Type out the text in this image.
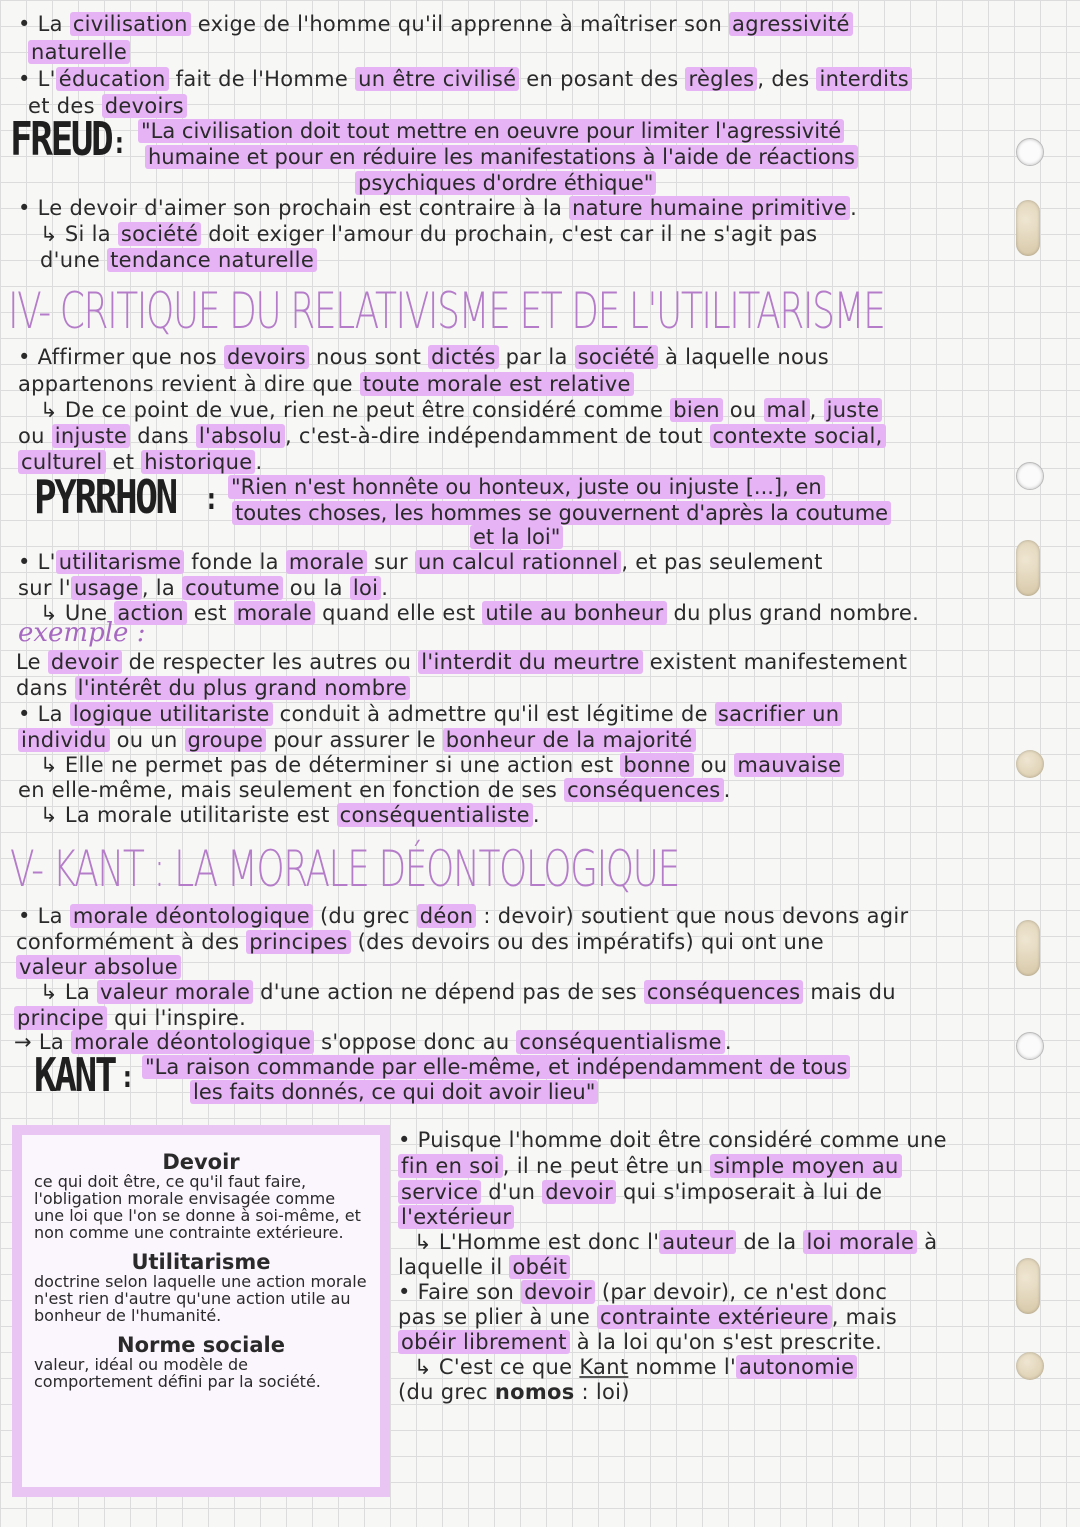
• La civilisation exige de l'homme qu'il apprenne à maîtriser son agressivité
naturelle
• L' éducation fait de l'Homme un être civilisé en posant des règles , des interdits
et des devoirs
FREUD : "La civilisation doit tout mettre en oeuvre pour limiter l'agressivité
humaine et pour en réduire les manifestations à l'aide de réactions
psychiques d'ordre éthique"
• Le devoir d'aimer son prochain est contraire à la nature humaine primitive .
↳ Si la société doit exiger l'amour du prochain, c'est car il ne s'agit pas
d'une tendance naturelle
IV- CRITIQUE DU RELATIVISME ET DE L'UTILITARISME
• Affirmer que nos devoirs nous sont dictés par la société à laquelle nous
appartenons revient à dire que toute morale est relative
↳ De ce point de vue, rien ne peut être considéré comme bien ou mal , juste
ou injuste dans l'absolu , c'est-à-dire indépendamment de tout contexte social,
culturel et historique .
PYRRHON : "Rien n'est honnête ou honteux, juste ou injuste [...], en
toutes choses, les hommes se gouvernent d'après la coutume
et la loi"
• L' utilitarisme fonde la morale sur un calcul rationnel , et pas seulement
sur l' usage , la coutume ou la loi .
↳ Une action est morale quand elle est utile au bonheur du plus grand nombre.
exemple :
Le devoir de respecter les autres ou l'interdit du meurtre existent manifestement
dans l'intérêt du plus grand nombre
• La logique utilitariste conduit à admettre qu'il est légitime de sacrifier un
individu ou un groupe pour assurer le bonheur de la majorité
↳ Elle ne permet pas de déterminer si une action est bonne ou mauvaise
en elle-même, mais seulement en fonction de ses conséquences .
↳ La morale utilitariste est conséquentialiste .
V- KANT : LA MORALE DÉONTOLOGIQUE
• La morale déontologique (du grec déon : devoir) soutient que nous devons agir
conformément à des principes (des devoirs ou des impératifs) qui ont une
valeur absolue
↳ La valeur morale d'une action ne dépend pas de ses conséquences mais du
principe qui l'inspire.
→ La morale déontologique s'oppose donc au conséquentialisme .
KANT : "La raison commande par elle-même, et indépendamment de tous
les faits donnés, ce qui doit avoir lieu"
Devoir
ce qui doit être, ce qu'il faut faire, l'obligation morale envisagée comme une loi que l'on se donne à soi-même, et non comme une contrainte extérieure.
Utilitarisme
doctrine selon laquelle une action morale n'est rien d'autre qu'une action utile au bonheur de l'humanité.
Norme sociale
valeur, idéal ou modèle de comportement défini par la société.
• Puisque l'homme doit être considéré comme une
fin en soi , il ne peut être un simple moyen au
service d'un devoir qui s'imposerait à lui de
l'extérieur
↳ L'Homme est donc l' auteur de la loi morale à
laquelle il obéit
• Faire son devoir (par devoir), ce n'est donc
pas se plier à une contrainte extérieure , mais
obéir librement à la loi qu'on s'est prescrite.
↳ C'est ce que Kant nomme l' autonomie
(du grec nomos : loi)
